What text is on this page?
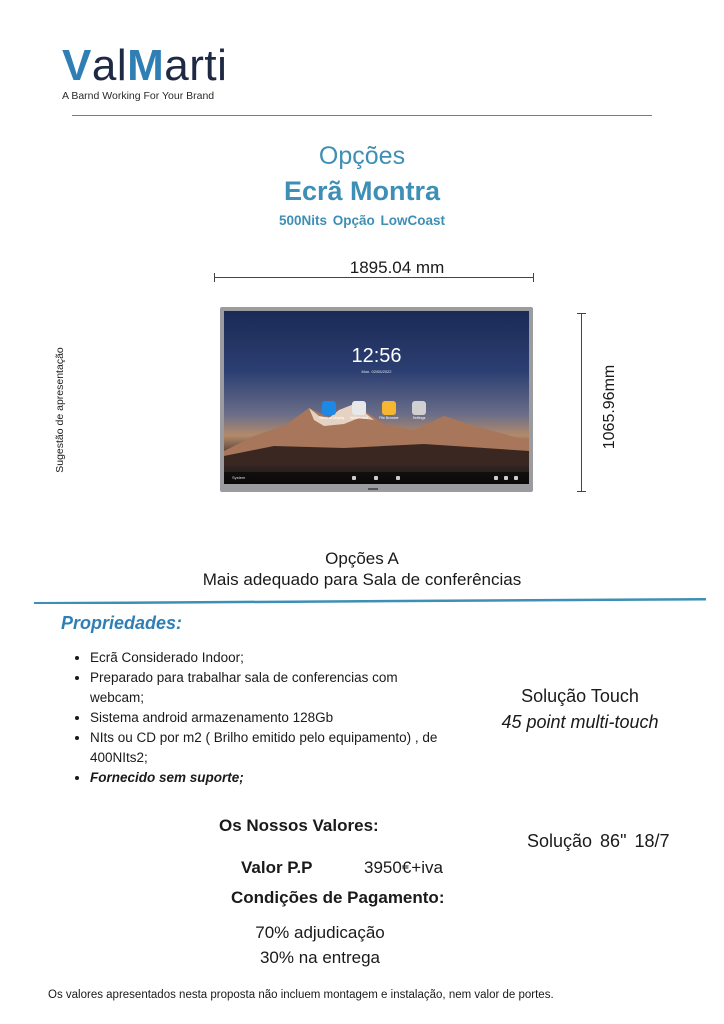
ValMarti
A Barnd Working For Your Brand
Opções
Ecrã Montra
500Nits Opção LowCoast
1895.04 mm
1065.96mm
Sugestão de apresentação	12:56
Mon. 02/05/2022
Wireless display Whiteboard	File Browser	Settings
System
Opções A
Mais adequado para Sala de conferências
Propriedades:
• Ecrã Considerado Indoor;
• Preparado para trabalhar sala de conferencias com webcam;
• Sistema android armazenamento 128Gb
• NIts ou CD por m2 ( Brilho emitido pelo equipamento) , de 400NIts2;
• Fornecido sem suporte;
Solução Touch
45 point multi-touch
Os Nossos Valores:
Solução 86" 18/7
Valor P.P	3950€+iva
Condições de Pagamento:
70% adjudicação
30% na entrega
Os valores apresentados nesta proposta não incluem montagem e instalação, nem valor de portes.
